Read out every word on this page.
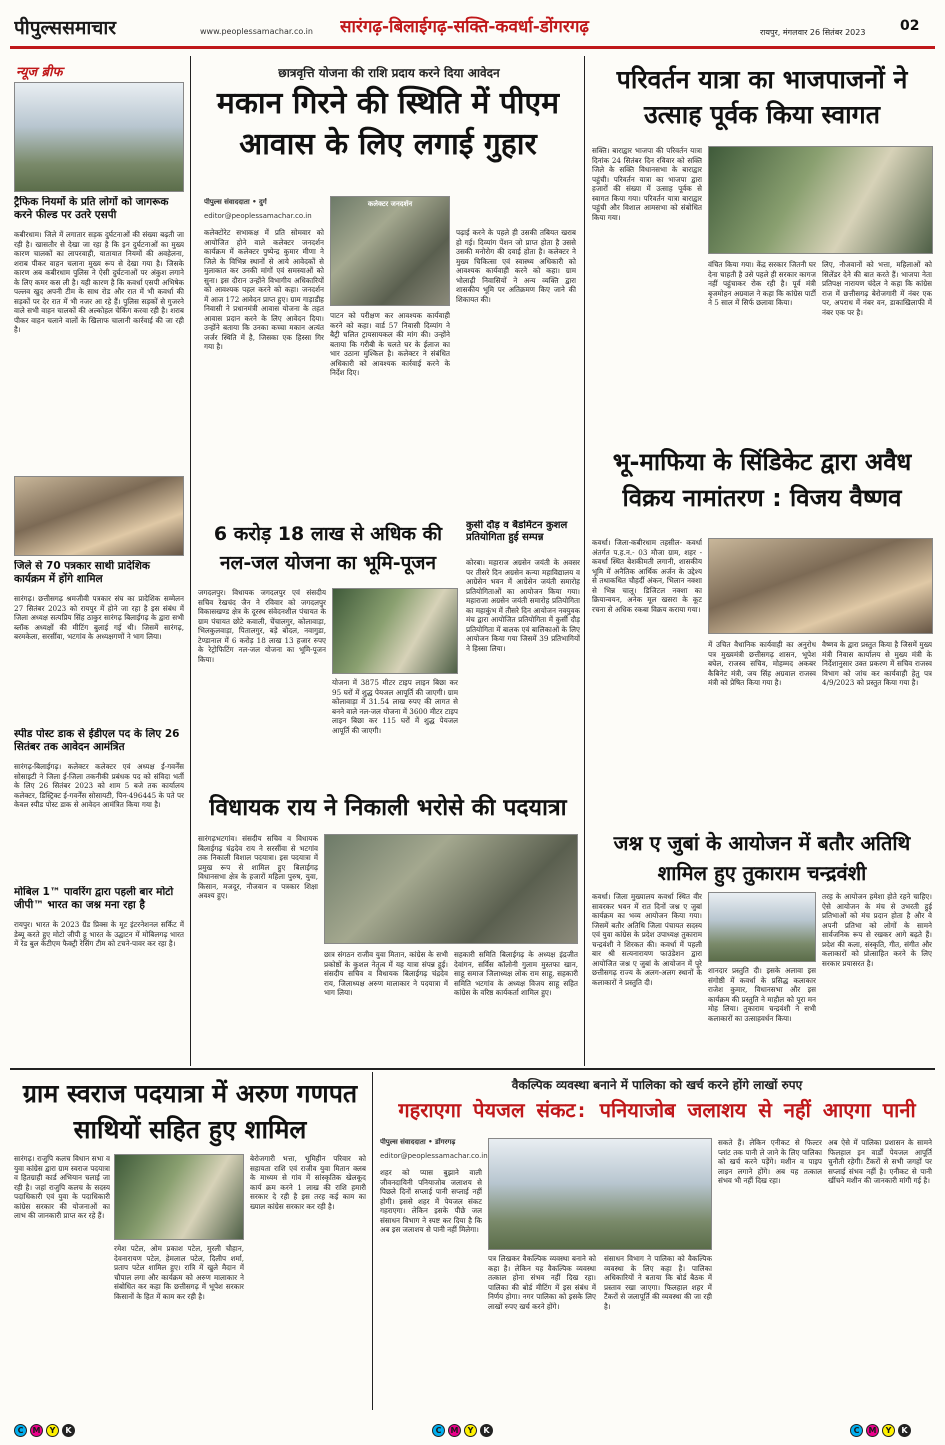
पीपुल्ससमाचार	www.peoplessamachar.co.in	सारंगढ़-बिलाईगढ़-सक्ति-कवर्धा-डोंगरगढ़	रायपुर, मंगलवार 26 सितंबर 2023	02
न्यूज ब्रीफ
ट्रैफिक नियमों के प्रति लोगों को जागरूक करने फील्ड पर उतरे एसपी
कबीरधाम। जिले में लगातार सड़क दुर्घटनाओं की संख्या बढ़ती जा रही है। खासतौर से देखा जा रहा है कि इन दुर्घटनाओं का मुख्य कारण चालकों का लापरवाही, यातायात नियमों की अवहेलना, शराब पीकर वाहन चलाना मुख्य रूप से देखा गया है। जिसके कारण अब कबीरधाम पुलिस ने ऐसी दुर्घटनाओं पर अंकुश लगाने के लिए कमर कस ली है। यही कारण है कि कवर्धा एसपी अभिषेक पल्लव खुद अपनी टीम के साथ रोड और रात में भी कवर्धा की सड़कों पर देर रात में भी नजर आ रहे हैं। पुलिस सड़कों से गुजरने वाले सभी वाहन चालकों की अल्कोहल चेकिंग करवा रही है। शराब पीकर वाहन चलाने वालों के खिलाफ चालानी कार्रवाई की जा रही है।
जिले से 70 पत्रकार साथी प्रादेशिक कार्यक्रम में होंगे शामिल
सारंगढ़। छत्तीसगढ़ श्रमजीवी पत्रकार संघ का प्रादेशिक सम्मेलन 27 सितंबर 2023 को रायपुर में होने जा रहा है इस संबंध में जिला अध्यक्ष सत्यप्रिय सिंह ठाकुर सारंगढ़ बिलाईगढ़ के द्वारा सभी ब्लॉक अध्यक्षों की मीटिंग बुलाई गई थी। जिसमें सारंगढ़, बरमकेला, सरसींवा, भटगांव के अध्यक्षगणों ने भाग लिया।
स्पीड पोस्ट डाक से ईडीएल पद के लिए 26 सितंबर तक आवेदन आमंत्रित
सारंगढ़-बिलाईगढ़। कलेक्टर कलेक्टर एवं अध्यक्ष ई-गवर्नेंस सोसाइटी ने जिला ई-जिला तकनीकी प्रबंधक पद को संविदा भर्ती के लिए 26 सितंबर 2023 को शाम 5 बजे तक कार्यालय कलेक्टर, डिस्ट्रिक्ट ई-गवर्नेंस सोसायटी, पिन-496445 के पते पर केवल स्पीड पोस्ट डाक से आवेदन आमंत्रित किया गया है।
मोबिल 1™ पावरिंग द्वारा पहली बार मोटो जीपी™ भारत का जश्न मना रहा है
रायपुर। भारत के 2023 ग्रैंड प्रिक्स के मूट इंटरनेशनल सर्किट में डेब्यू करते हुए मोटो जीपी हू भारत के उद्घाटन में मोबिलगढ़ भारत में रेड बुल केटीएम फैक्ट्री रेसिंग टीम को टचने-पावर कर रहा है।
छात्रवृत्ति योजना की राशि प्रदाय करने दिया आवेदन
मकान गिरने की स्थिति में पीएम आवास के लिए लगाई गुहार
पीपुल्स संवाददाता • दुर्ग
editor@peoplessamachar.co.in
कलेक्टोरेट सभाकक्ष में प्रति सोमवार को आयोजित होने वाले कलेक्टर जनदर्शन कार्यक्रम में कलेक्टर पुष्पेन्द्र कुमार मीणा ने जिले के विभिन्न स्थानों से आये आवेदकों से मुलाकात कर उनकी मांगों एवं समस्याओं को सुना। इस दौरान उन्होंने विभागीय अधिकारियों को आवश्यक पहल करने को कहा। जनदर्शन में आज 172 आवेदन प्राप्त हुए। ग्राम गाड़ाडीह निवासी ने प्रधानमंत्री आवास योजना के तहत आवास प्रदान करने के लिए आवेदन दिया। उन्होंने बताया कि उनका कच्चा मकान अत्यंत जर्जर स्थिति में है, जिसका एक हिस्सा गिर गया है।
कलेक्टर जनदर्शन
पाटन को परीक्षण कर आवश्यक कार्यवाही करने को कहा। वार्ड 57 निवासी दिव्यांग ने बैट्री चलित ट्रायसायकल की मांग की। उन्होंने बताया कि गरीबी के चलते घर के ईलाज का भार उठाना मुश्किल है। कलेक्टर ने संबंधित अधिकारी को आवश्यक कार्रवाई करने के निर्देश दिए।
पढ़ाई करने के पहले ही उसकी तबियत खराब हो गई। दिव्यांग पेंशन जो प्राप्त होता है उससे उसकी मनोरोग की दवाई होता है। कलेक्टर ने मुख्य चिकित्सा एवं स्वास्थ्य अधिकारी को आवश्यक कार्यवाही करने को कहा। ग्राम भोलाढ़ी निवासियों ने अन्य व्यक्ति द्वारा शासकीय भूमि पर अतिक्रमण किए जाने की शिकायत की।
परिवर्तन यात्रा का भाजपाजनों ने उत्साह पूर्वक किया स्वागत
सक्ति। बाराद्वार भाजपा की परिवर्तन यात्रा दिनांक 24 सितंबर दिन रविवार को सक्ति जिले के सक्ति विधानसभा के बाराद्वार पहुंची। परिवर्तन यात्रा का भाजपा द्वारा हजारों की संख्या में उत्साह पूर्वक से स्वागत किया गया। परिवर्तन यात्रा बाराद्वार पहुंची और विशाल आमसभा को संबोधित किया गया।
वंचित किया गया। केंद्र सरकार जितनी घर देना चाहती है उसे पहले ही सरकार कागज नहीं पहुंचाकर रोक रही है। पूर्व मंत्री बृजमोहन अग्रवाल ने कहा कि कांग्रेस पार्टी ने 5 साल में सिर्फ छलावा किया।
लिए, नौजवानों को भत्ता, महिलाओं को सिलेंडर देने की बात करते हैं। भाजपा नेता प्रतिपक्ष नारायण चंदेल ने कहा कि कांग्रेस राज में छत्तीसगढ़ बेरोजगारी में नंबर एक पर, अपराध में नंबर वन, डाकाखिलाफी में नंबर एक पर है।
भू-माफिया के सिंडिकेट द्वारा अवैध विक्रय नामांतरण : विजय वैष्णव
कवर्धा। जिला-कबीरधाम तहसील- कवर्धा अंतर्गत प.ह.न.- 03 मौजा ग्राम, शहर - कवर्धा स्थित बेशकीमती लगानी, शासकीय भूमि में अनैतिक आर्थिक अर्जन के उद्देश्य से तथाकथित चौहर्दी अंकन, भिलान नक्शा से भिन्न चालू। डिजिटल नक्शा का क्रियान्वयन, अनेक मूल खसरा के कूट रचना से अधिक रकबा विक्रय कराया गया।
में उचित वैधानिक कार्यवाही का अनुरोध पत्र मुख्यमंत्री छत्तीसगढ़ शासन, भूपेश बघेल, राजस्व सचिव, मोहम्मद अकबर कैबिनेट मंत्री, जय सिंह अग्रवाल राजस्व मंत्री को प्रेषित किया गया है।
वैष्णव के द्वारा प्रस्तुत किया है जिसमें मुख्य मंत्री निवास कार्यालय से मुख्य मंत्री के निर्देशानुसार उक्त प्रकरण में सचिव राजस्व विभाग को जांच कर कार्यवाही हेतु पत्र 4/9/2023 को प्रस्तुत किया गया है।
6 करोड़ 18 लाख से अधिक की नल-जल योजना का भूमि-पूजन
जगदलपुर। विधायक जगदलपुर एवं संसदीय सचिव रेखचंद जैन ने रविवार को जगदलपुर विकासखण्ड क्षेत्र के दूरस्थ संवेदनशील पंचायत के ग्राम पंचायत छोटे कवाली, चेंचालगुर, कोलावाड़ा, भिलकुलवाड़ा, पितालगुर, बड़े बोदल, नवागुडा, टेण्डानाल में 6 करोड़ 18 लाख 13 हजार रुपए के रेट्रोफिटिंग नल-जल योजना का भूमि-पूजन किया।
योजना में 3875 मीटर टाइप लाइन बिछा कर 95 घरों में शुद्ध पेयजल आपूर्ति की जाएगी। ग्राम कोलावाड़ा में 31.54 लाख रुपए की लागत से बनने वाले नल-जल योजना में 3600 मीटर टाइप लाइन बिछा कर 115 घरों में शुद्ध पेयजल आपूर्ति की जाएगी।
कुर्सी दौड़ व बैडमिंटन कुशल प्रतियोगिता हुई सम्पन्न
कोरबा। महाराज अग्रसेन जयंती के अवसर पर तीसरे दिन अग्रसेन कन्या महाविद्यालय व आग्रेसेन भवन में आग्रेसेन जयंती समारोह प्रतियोगिताओं का आयोजन किया गया। महाराजा अग्रसेन जयंती समारोह प्रतियोगिता का महाकुंभ में तीसरे दिन आयोजन नवयुवक मंच द्वारा आयोजित प्रतियोगिता में कुर्सी दौड़ प्रतियोगिता में बालक एवं बालिकाओं के लिए आयोजन किया गया जिसमें 39 प्रतिभागियों ने हिस्सा लिया।
विधायक राय ने निकाली भरोसे की पदयात्रा
सारंगढ़भटगांव। संसदीय सचिव व विधायक बिलाईगढ़ चंद्रदेव राय ने सरसींवा से भटगांव तक निकाली विशाल पदयात्रा। इस पदयात्रा में प्रमुख रूप से शामिल हुए बिलाईगढ़ विधानसभा क्षेत्र के हजारों महिला पुरुष, युवा, किसान, मजदूर, नौजवान व पत्रकार शिक्षा अवश्य हुए।
छात्र संगठन राजीव युवा मितान, कांग्रेस के सभी प्रकोष्ठों के कुशल नेतृत्व में यह यात्रा संपन्न हुई। संसदीय सचिव व विधायक बिलाईगढ़ चंद्रदेव राय, जिलाध्यक्ष अरुण मालाकार ने पदयात्रा में भाग लिया।
सहकारी समिति बिलाईगढ़ के अध्यक्ष इंद्रजीत देवांगन, सर्विस कॉलोनी गुलाम मुस्तफा खान, साहू समाज जिलाध्यक्ष लोक राम साहू, सहकारी समिति भटगांव के अध्यक्ष विजय साहू सहित कांग्रेस के वरिष्ठ कार्यकर्ता शामिल हुए।
जश्न ए जुबां के आयोजन में बतौर अतिथि शामिल हुए तुकाराम चन्द्रवंशी
कवर्धा। जिला मुख्यालय कवर्धा स्थित वीर सावरकर भवन में रात दिनों जश्न ए जुबां कार्यक्रम का भव्य आयोजन किया गया। जिसमें बतौर अतिथि जिला पंचायत सदस्य एवं युवा कांग्रेस के प्रदेश उपाध्यक्ष तुकाराम चन्द्रवंशी ने शिरकत की। कवर्धा में पहली बार श्री सत्यनारायण फाउंडेशन द्वारा आयोजित जश्न ए जुबां के आयोजन में पूरे छत्तीसगढ़ राज्य के अलग-अलग स्थानों के कलाकारों ने प्रस्तुति दी।
शानदार प्रस्तुति दी। इसके अलावा इस संगोष्ठी में कवर्धा के प्रसिद्ध कलाकार राजेश कुमार, विधानसभा और इस कार्यक्रम की प्रस्तुति ने माहौल को पूरा मन मोह लिया। तुकाराम चन्द्रवंशी ने सभी कलाकारों का उत्साहवर्धन किया।
तरह के आयोजन हमेशा होते रहने चाहिए। ऐसे आयोजन के मंच से उभरती हुई प्रतिभाओं को मंच प्रदान होता है और वे अपनी प्रतिभा को लोगों के सामने सार्वजनिक रूप से रखकर आगे बढ़ते हैं। प्रदेश की कला, संस्कृति, गीत, संगीत और कलाकारों को प्रोत्साहित करने के लिए सरकार प्रयासरत है।
ग्राम स्वराज पदयात्रा में अरुण गणपत साथियों सहित हुए शामिल
सारंगढ़। राजुपि कलच विधान सभा व युवा कांग्रेस द्वारा ग्राम स्वराज पदयात्रा व हितग्राही कार्ड अभियान चलाई जा रही है। जहां राजुपि कलच के सदस्य पदाधिकारी एवं युवा के पदाधिकारी कांग्रेस सरकार की योजनाओं का लाभ की जानकारी प्राप्त कर रहे हैं।
रमेश पटेल, ओम प्रकाश पटेल, मुरली चौहान, देवनारायण पटेल, हेमलाल पटेल, दिलीप शर्मा, प्रताप पटेल शामिल हुए। रात्रि में खुले मैदान में चौपाल लगा और कार्यक्रम को अरुण मालाकार ने संबोधित कर कहा कि छत्तीसगढ़ में भूपेश सरकार किसानों के हित में काम कर रही है।
बेरोजगारी भत्ता, भूमिहीन परिवार को सहायता राशि एवं राजीव युवा मितान क्लब के माध्यम से गांव में सांस्कृतिक खेलकूद कार्य क्रम करने 1 लाख की राशि हमारी सरकार दे रही है इस तरह कई काम का ख्याल कांग्रेस सरकार कर रही है।
वैकल्पिक व्यवस्था बनाने में पालिका को खर्च करने होंगे लाखों रुपए
गहराएगा पेयजल संकट: पनियाजोब जलाशय से नहीं आएगा पानी
पीपुल्स संवाददाता • डोंगरगढ़
editor@peoplessamachar.co.in
शहर को प्यास बुझाने वाली जीवनदायिनी पनियाजोब जलाशय से पिछले दिनों सप्लाई पानी सप्लाई नहीं होगी। इससे शहर में पेयजल संकट गहराएगा। लेकिन इसके पीछे जल संसाधन विभाग ने स्पष्ट कर दिया है कि अब इस जलाशय से पानी नहीं मिलेगा।
पत्र लिखकर वैकल्पिक व्यवस्था बनाने को कहा है। लेकिन यह वैकल्पिक व्यवस्था तत्काल होना संभव नहीं दिख रहा। पालिका की बोर्ड मीटिंग में इस संबंध में निर्णय होगा। नगर पालिका को इसके लिए लाखों रुपए खर्च करने होंगे।
संसाधन विभाग ने पालिका को वैकल्पिक व्यवस्था के लिए कहा है। पालिका अधिकारियों ने बताया कि बोर्ड बैठक में प्रस्ताव रखा जाएगा। फिलहाल शहर में टैंकरों से जलापूर्ति की व्यवस्था की जा रही है।
सकते हैं। लेकिन एनीकट से फिल्टर प्लांट तक पानी ले जाने के लिए पालिका को खर्च करने पड़ेंगे। मशीन व पाइप लाइन लगाने होंगे। अब यह तत्काल संभव भी नहीं दिख रहा।
अब ऐसे में पालिका प्रशासन के सामने फिलहाल इन वार्डों पेयजल आपूर्ति चुनौती रहेगी। टैंकरों से सभी जगहों पर सप्लाई संभव नहीं है। एनीकट से पानी खींचने मशीन की जानकारी मांगी गई है।
C	M	Y	K	C	M	Y	K	C	M	Y	K
